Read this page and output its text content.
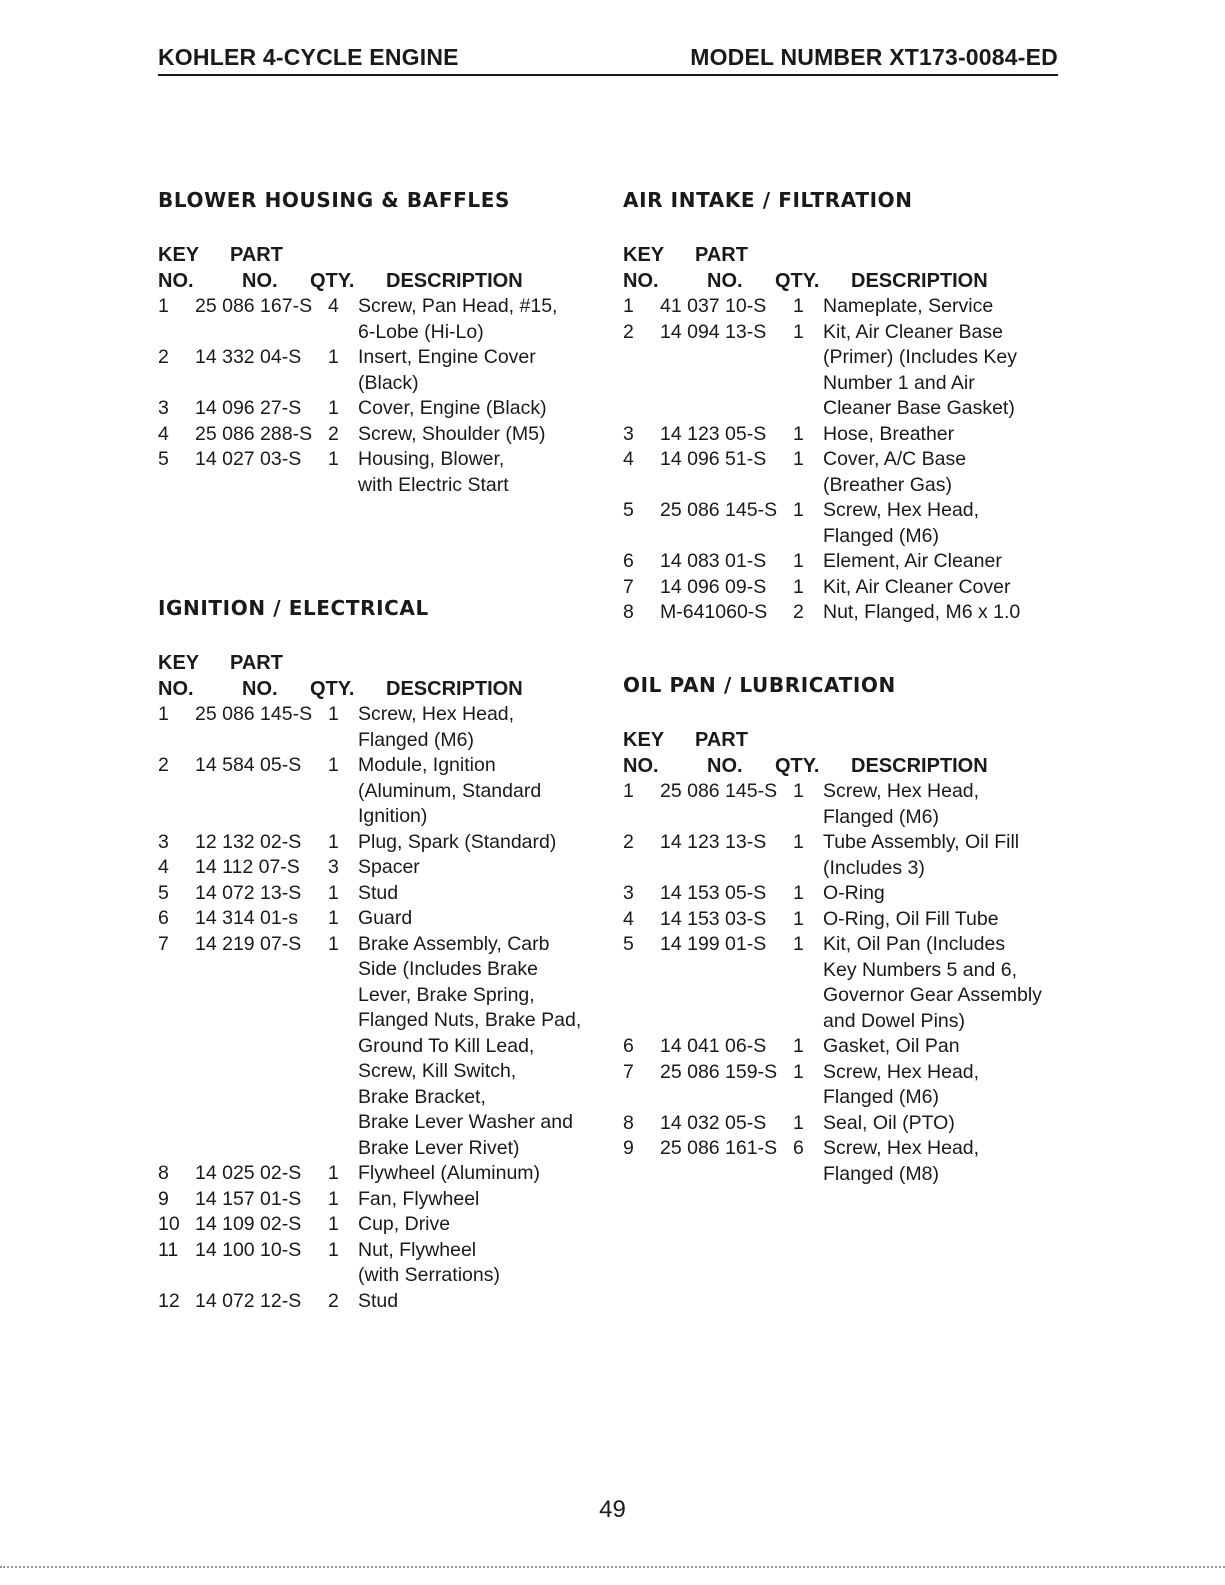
KOHLER 4-CYCLE ENGINE	MODEL NUMBER XT173-0084-ED
BLOWER HOUSING & BAFFLES
KEY PART
NO. NO. QTY. DESCRIPTION
1 25 086 167-S 4 Screw, Pan Head, #15,
6-Lobe (Hi-Lo)
2 14 332 04-S 1 Insert, Engine Cover
(Black)
3 14 096 27-S 1 Cover, Engine (Black)
4 25 086 288-S 2 Screw, Shoulder (M5)
5 14 027 03-S 1 Housing, Blower,
with Electric Start
IGNITION / ELECTRICAL
KEY PART
NO. NO. QTY. DESCRIPTION
1 25 086 145-S 1 Screw, Hex Head,
Flanged (M6)
2 14 584 05-S 1 Module, Ignition
(Aluminum, Standard
Ignition)
3 12 132 02-S 1 Plug, Spark (Standard)
4 14 112 07-S 3 Spacer
5 14 072 13-S 1 Stud
6 14 314 01-s 1 Guard
7 14 219 07-S 1 Brake Assembly, Carb
Side (Includes Brake
Lever, Brake Spring,
Flanged Nuts, Brake Pad,
Ground To Kill Lead,
Screw, Kill Switch,
Brake Bracket,
Brake Lever Washer and
Brake Lever Rivet)
8 14 025 02-S 1 Flywheel (Aluminum)
9 14 157 01-S 1 Fan, Flywheel
10 14 109 02-S 1 Cup, Drive
11 14 100 10-S 1 Nut, Flywheel
(with Serrations)
12 14 072 12-S 2 Stud
AIR INTAKE / FILTRATION
KEY PART
NO. NO. QTY. DESCRIPTION
1 41 037 10-S 1 Nameplate, Service
2 14 094 13-S 1 Kit, Air Cleaner Base
(Primer) (Includes Key
Number 1 and Air
Cleaner Base Gasket)
3 14 123 05-S 1 Hose, Breather
4 14 096 51-S 1 Cover, A/C Base
(Breather Gas)
5 25 086 145-S 1 Screw, Hex Head,
Flanged (M6)
6 14 083 01-S 1 Element, Air Cleaner
7 14 096 09-S 1 Kit, Air Cleaner Cover
8 M-641060-S 2 Nut, Flanged, M6 x 1.0
OIL PAN / LUBRICATION
KEY PART
NO. NO. QTY. DESCRIPTION
1 25 086 145-S 1 Screw, Hex Head,
Flanged (M6)
2 14 123 13-S 1 Tube Assembly, Oil Fill
(Includes 3)
3 14 153 05-S 1 O-Ring
4 14 153 03-S 1 O-Ring, Oil Fill Tube
5 14 199 01-S 1 Kit, Oil Pan (Includes
Key Numbers 5 and 6,
Governor Gear Assembly
and Dowel Pins)
6 14 041 06-S 1 Gasket, Oil Pan
7 25 086 159-S 1 Screw, Hex Head,
Flanged (M6)
8 14 032 05-S 1 Seal, Oil (PTO)
9 25 086 161-S 6 Screw, Hex Head,
Flanged (M8)
49
